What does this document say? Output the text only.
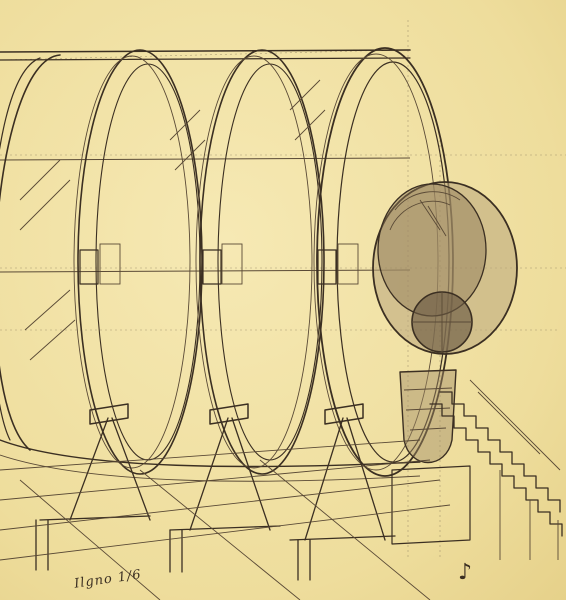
Ilgno 1/6	♪
